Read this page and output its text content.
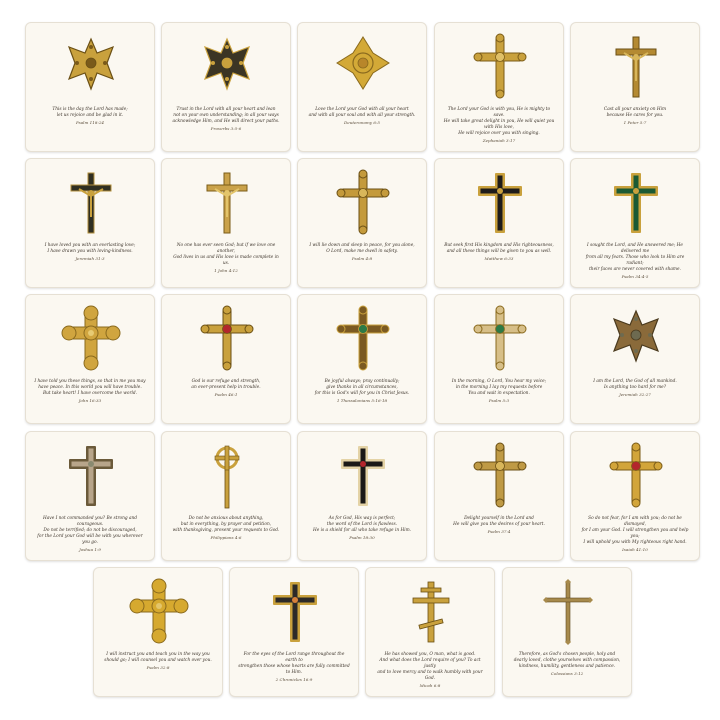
This is the day the Lord has made;
let us rejoice and be glad in it.
Psalm 118:24
Trust in the Lord with all your heart and lean
not on your own understanding; in all your ways
acknowledge Him, and He will direct your paths.
Proverbs 3:5-6
Love the Lord your God with all your heart
and with all your soul and with all your strength.
Deuteronomy 6:5
The Lord your God is with you, He is mighty to save.
He will take great delight in you, He will quiet you with His love,
He will rejoice over you with singing.
Zephaniah 3:17
Cast all your anxiety on Him
because He cares for you.
1 Peter 5:7
I have loved you with an everlasting love;
I have drawn you with loving-kindness.
Jeremiah 31:3
No one has ever seen God; but if we love one another,
God lives in us and His love is made complete in us.
1 John 4:12
I will lie down and sleep in peace, for you alone,
O Lord, make me dwell in safety.
Psalm 4:8
But seek first His kingdom and His righteousness,
and all these things will be given to you as well.
Matthew 6:33
I sought the Lord, and He answered me; He delivered me
from all my fears. Those who look to Him are radiant;
their faces are never covered with shame.
Psalm 34:4-5
I have told you these things, so that in me you may
have peace. In this world you will have trouble.
But take heart! I have overcome the world.
John 16:33
God is our refuge and strength,
an ever-present help in trouble.
Psalm 46:1
Be joyful always; pray continually;
give thanks in all circumstances,
for this is God's will for you in Christ Jesus.
1 Thessalonians 5:16-18
In the morning, O Lord, You hear my voice;
in the morning I lay my requests before
You and wait in expectation.
Psalm 5:3
I am the Lord, the God of all mankind.
Is anything too hard for me?
Jeremiah 32:27
Have I not commanded you? Be strong and courageous.
Do not be terrified; do not be discouraged,
for the Lord your God will be with you wherever you go.
Joshua 1:9
Do not be anxious about anything,
but in everything, by prayer and petition,
with thanksgiving, present your requests to God.
Philippians 4:6
As for God, His way is perfect;
the word of the Lord is flawless.
He is a shield for all who take refuge in Him.
Psalm 18:30
Delight yourself in the Lord and
He will give you the desires of your heart.
Psalm 37:4
So do not fear, for I am with you; do not be dismayed,
for I am your God. I will strengthen you and help you;
I will uphold you with My righteous right hand.
Isaiah 41:10
I will instruct you and teach you in the way you
should go; I will counsel you and watch over you.
Psalm 32:8
For the eyes of the Lord range throughout the earth to
strengthen those whose hearts are fully committed to Him.
2 Chronicles 16:9
He has showed you, O man, what is good.
And what does the Lord require of you? To act justly
and to love mercy and to walk humbly with your God.
Micah 6:8
Therefore, as God's chosen people, holy and
dearly loved, clothe yourselves with compassion,
kindness, humility, gentleness and patience.
Colossians 3:12
